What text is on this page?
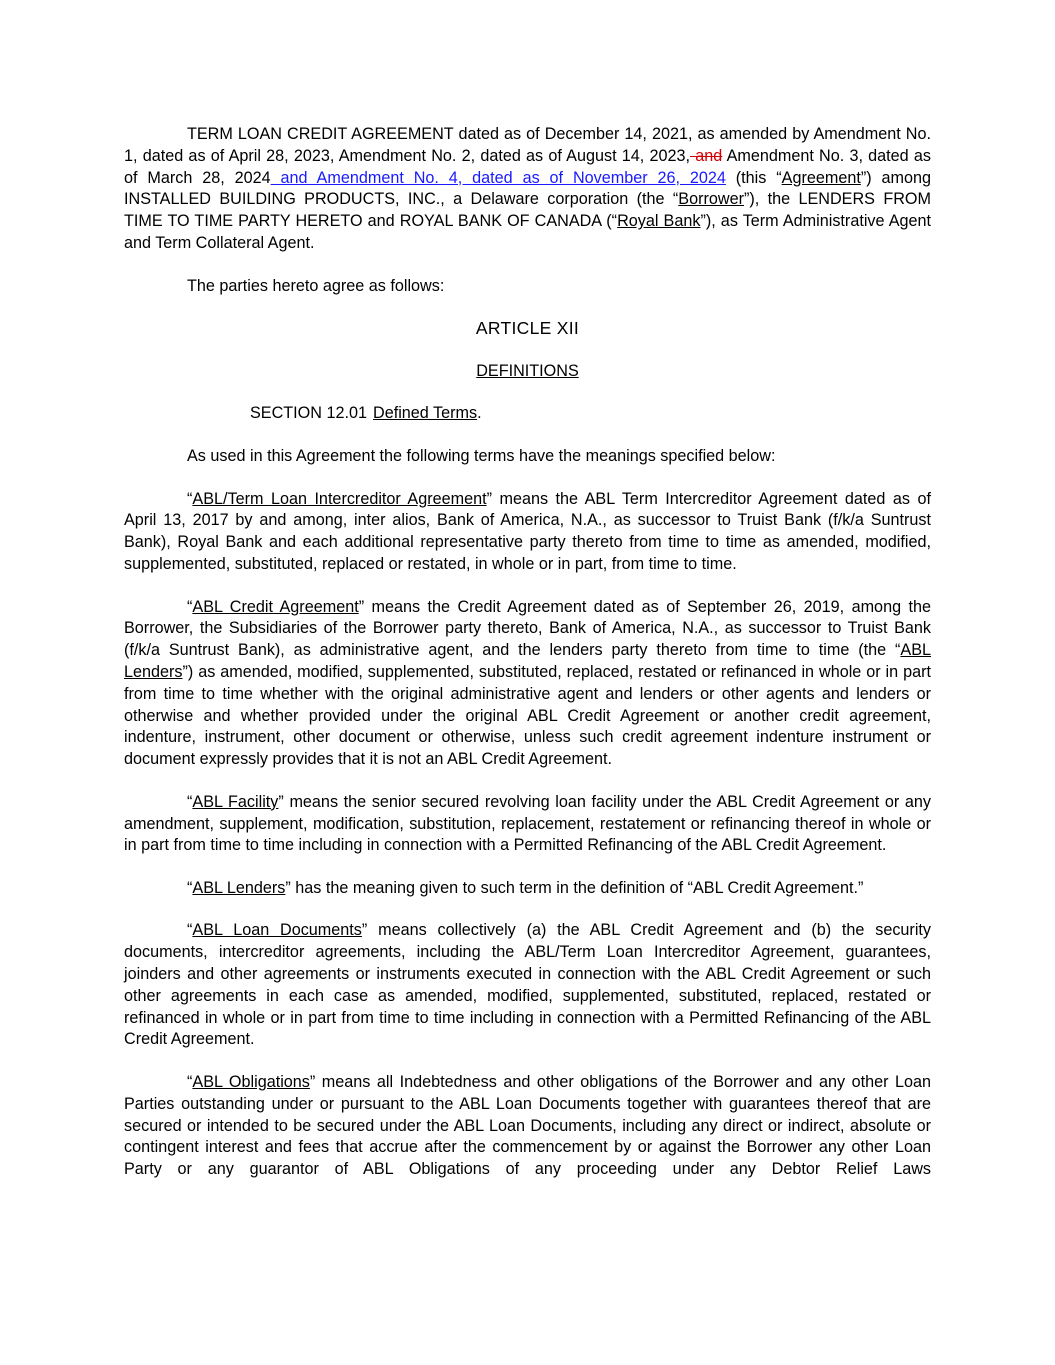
TERM LOAN CREDIT AGREEMENT dated as of December 14, 2021, as amended by Amendment No. 1, dated as of April 28, 2023, Amendment No. 2, dated as of August 14, 2023, and Amendment No. 3, dated as of March 28, 2024 and Amendment No. 4, dated as of November 26, 2024 (this “Agreement”) among INSTALLED BUILDING PRODUCTS, INC., a Delaware corporation (the “Borrower”), the LENDERS FROM TIME TO TIME PARTY HERETO and ROYAL BANK OF CANADA (“Royal Bank”), as Term Administrative Agent and Term Collateral Agent.

The parties hereto agree as follows:

ARTICLE XII

DEFINITIONS

SECTION 12.01 Defined Terms.

As used in this Agreement the following terms have the meanings specified below:

“ABL/Term Loan Intercreditor Agreement” means the ABL Term Intercreditor Agreement dated as of April 13, 2017 by and among, inter alios, Bank of America, N.A., as successor to Truist Bank (f/k/a Suntrust Bank), Royal Bank and each additional representative party thereto from time to time as amended, modified, supplemented, substituted, replaced or restated, in whole or in part, from time to time.

“ABL Credit Agreement” means the Credit Agreement dated as of September 26, 2019, among the Borrower, the Subsidiaries of the Borrower party thereto, Bank of America, N.A., as successor to Truist Bank (f/k/a Suntrust Bank), as administrative agent, and the lenders party thereto from time to time (the “ABL Lenders”) as amended, modified, supplemented, substituted, replaced, restated or refinanced in whole or in part from time to time whether with the original administrative agent and lenders or other agents and lenders or otherwise and whether provided under the original ABL Credit Agreement or another credit agreement, indenture, instrument, other document or otherwise, unless such credit agreement indenture instrument or document expressly provides that it is not an ABL Credit Agreement.

“ABL Facility” means the senior secured revolving loan facility under the ABL Credit Agreement or any amendment, supplement, modification, substitution, replacement, restatement or refinancing thereof in whole or in part from time to time including in connection with a Permitted Refinancing of the ABL Credit Agreement.

“ABL Lenders” has the meaning given to such term in the definition of “ABL Credit Agreement.”

“ABL Loan Documents” means collectively (a) the ABL Credit Agreement and (b) the security documents, intercreditor agreements, including the ABL/Term Loan Intercreditor Agreement, guarantees, joinders and other agreements or instruments executed in connection with the ABL Credit Agreement or such other agreements in each case as amended, modified, supplemented, substituted, replaced, restated or refinanced in whole or in part from time to time including in connection with a Permitted Refinancing of the ABL Credit Agreement.

“ABL Obligations” means all Indebtedness and other obligations of the Borrower and any other Loan Parties outstanding under or pursuant to the ABL Loan Documents together with guarantees thereof that are secured or intended to be secured under the ABL Loan Documents, including any direct or indirect, absolute or contingent interest and fees that accrue after the commencement by or against the Borrower any other Loan Party or any guarantor of ABL Obligations of any proceeding under any Debtor Relief Laws
